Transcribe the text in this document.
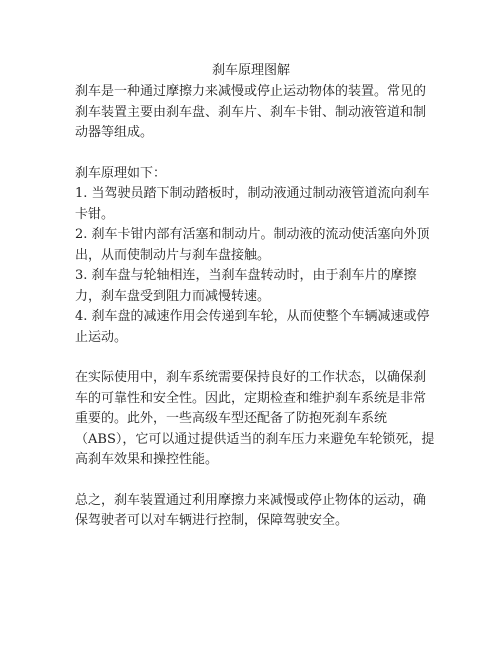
刹车原理图解

刹车是一种通过摩擦力来减慢或停止运动物体的装置。常见的刹车装置主要由刹车盘、刹车片、刹车卡钳、制动液管道和制动器等组成。

刹车原理如下：

1. 当驾驶员踏下制动踏板时，制动液通过制动液管道流向刹车卡钳。

2. 刹车卡钳内部有活塞和制动片。制动液的流动使活塞向外顶出，从而使制动片与刹车盘接触。

3. 刹车盘与轮轴相连，当刹车盘转动时，由于刹车片的摩擦力，刹车盘受到阻力而减慢转速。

4. 刹车盘的减速作用会传递到车轮，从而使整个车辆减速或停止运动。

在实际使用中，刹车系统需要保持良好的工作状态，以确保刹车的可靠性和安全性。因此，定期检查和维护刹车系统是非常重要的。此外，一些高级车型还配备了防抱死刹车系统（ABS），它可以通过提供适当的刹车压力来避免车轮锁死，提高刹车效果和操控性能。

总之，刹车装置通过利用摩擦力来减慢或停止物体的运动，确保驾驶者可以对车辆进行控制，保障驾驶安全。
